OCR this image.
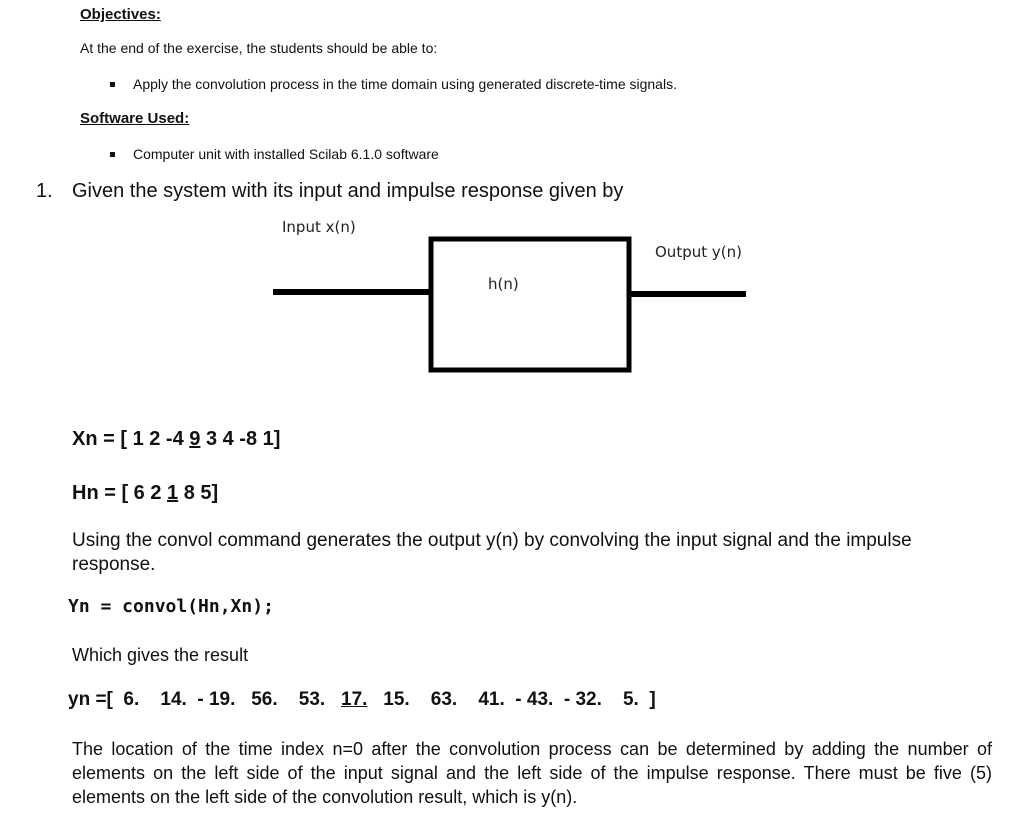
Objectives:
At the end of the exercise, the students should be able to:
Apply the convolution process in the time domain using generated discrete-time signals.
Software Used:
Computer unit with installed Scilab 6.1.0 software
1. Given the system with its input and impulse response given by
Input x(n)
h(n)
Output y(n)
Xn = [ 1 2 -4 9 3 4 -8 1]
Hn = [ 6 2 1 8 5]
Using the convol command generates the output y(n) by convolving the input signal and the impulse response.
Yn = convol(Hn,Xn);
Which gives the result
yn =[  6.    14.  - 19.   56.    53.   17.   15.    63.    41.  - 43.  - 32.    5.  ]
The location of the time index n=0 after the convolution process can be determined by adding the number of elements on the left side of the input signal and the left side of the impulse response. There must be five (5) elements on the left side of the convolution result, which is y(n).
